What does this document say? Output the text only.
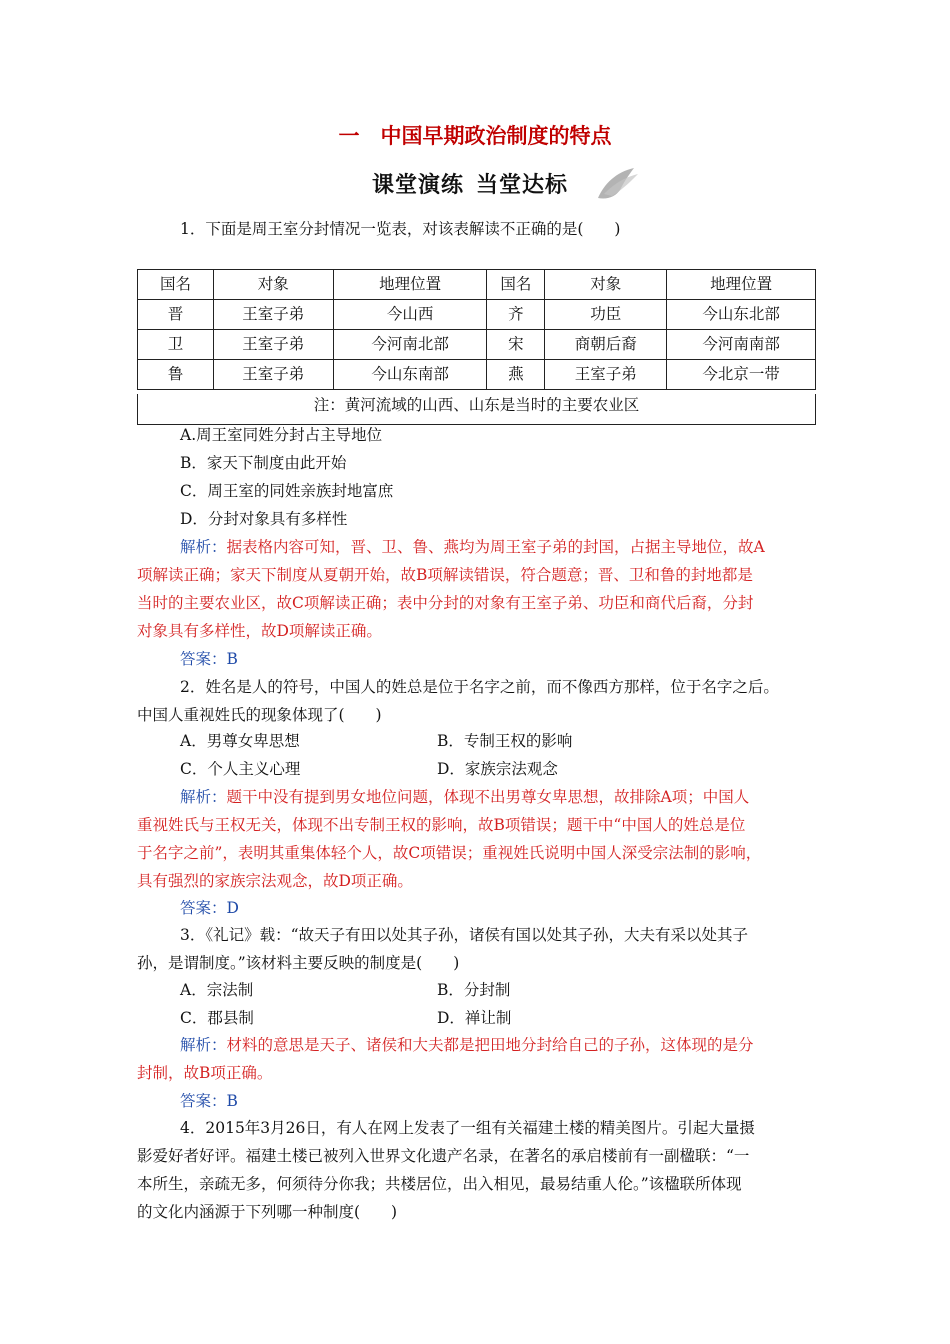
一　中国早期政治制度的特点
课堂演练 当堂达标
1．下面是周王室分封情况一览表，对该表解读不正确的是(　　)
国名	对象	地理位置	国名	对象	地理位置
晋	王室子弟	今山西	齐	功臣	今山东北部
卫	王室子弟	今河南北部	宋	商朝后裔	今河南南部
鲁	王室子弟	今山东南部	燕	王室子弟	今北京一带
注：黄河流域的山西、山东是当时的主要农业区
A.周王室同姓分封占主导地位
B．家天下制度由此开始
C．周王室的同姓亲族封地富庶
D．分封对象具有多样性
解析：据表格内容可知，晋、卫、鲁、燕均为周王室子弟的封国，占据主导地位，故A
项解读正确；家天下制度从夏朝开始，故B项解读错误，符合题意；晋、卫和鲁的封地都是
当时的主要农业区，故C项解读正确；表中分封的对象有王室子弟、功臣和商代后裔，分封
对象具有多样性，故D项解读正确。
答案：B
2．姓名是人的符号，中国人的姓总是位于名字之前，而不像西方那样，位于名字之后。
中国人重视姓氏的现象体现了(　　)
A．男尊女卑思想	B．专制王权的影响
C．个人主义心理	D．家族宗法观念
解析：题干中没有提到男女地位问题，体现不出男尊女卑思想，故排除A项；中国人
重视姓氏与王权无关，体现不出专制王权的影响，故B项错误；题干中“中国人的姓总是位
于名字之前”，表明其重集体轻个人，故C项错误；重视姓氏说明中国人深受宗法制的影响，
具有强烈的家族宗法观念，故D项正确。
答案：D
3．《礼记》载：“故天子有田以处其子孙，诸侯有国以处其子孙，大夫有采以处其子
孙，是谓制度。”该材料主要反映的制度是(　　)
A．宗法制	B．分封制
C．郡县制	D．禅让制
解析：材料的意思是天子、诸侯和大夫都是把田地分封给自己的子孙，这体现的是分
封制，故B项正确。
答案：B
4．2015年3月26日，有人在网上发表了一组有关福建土楼的精美图片。引起大量摄
影爱好者好评。福建土楼已被列入世界文化遗产名录，在著名的承启楼前有一副楹联：“一
本所生，亲疏无多，何须待分你我；共楼居位，出入相见，最易结重人伦。”该楹联所体现
的文化内涵源于下列哪一种制度(　　)
